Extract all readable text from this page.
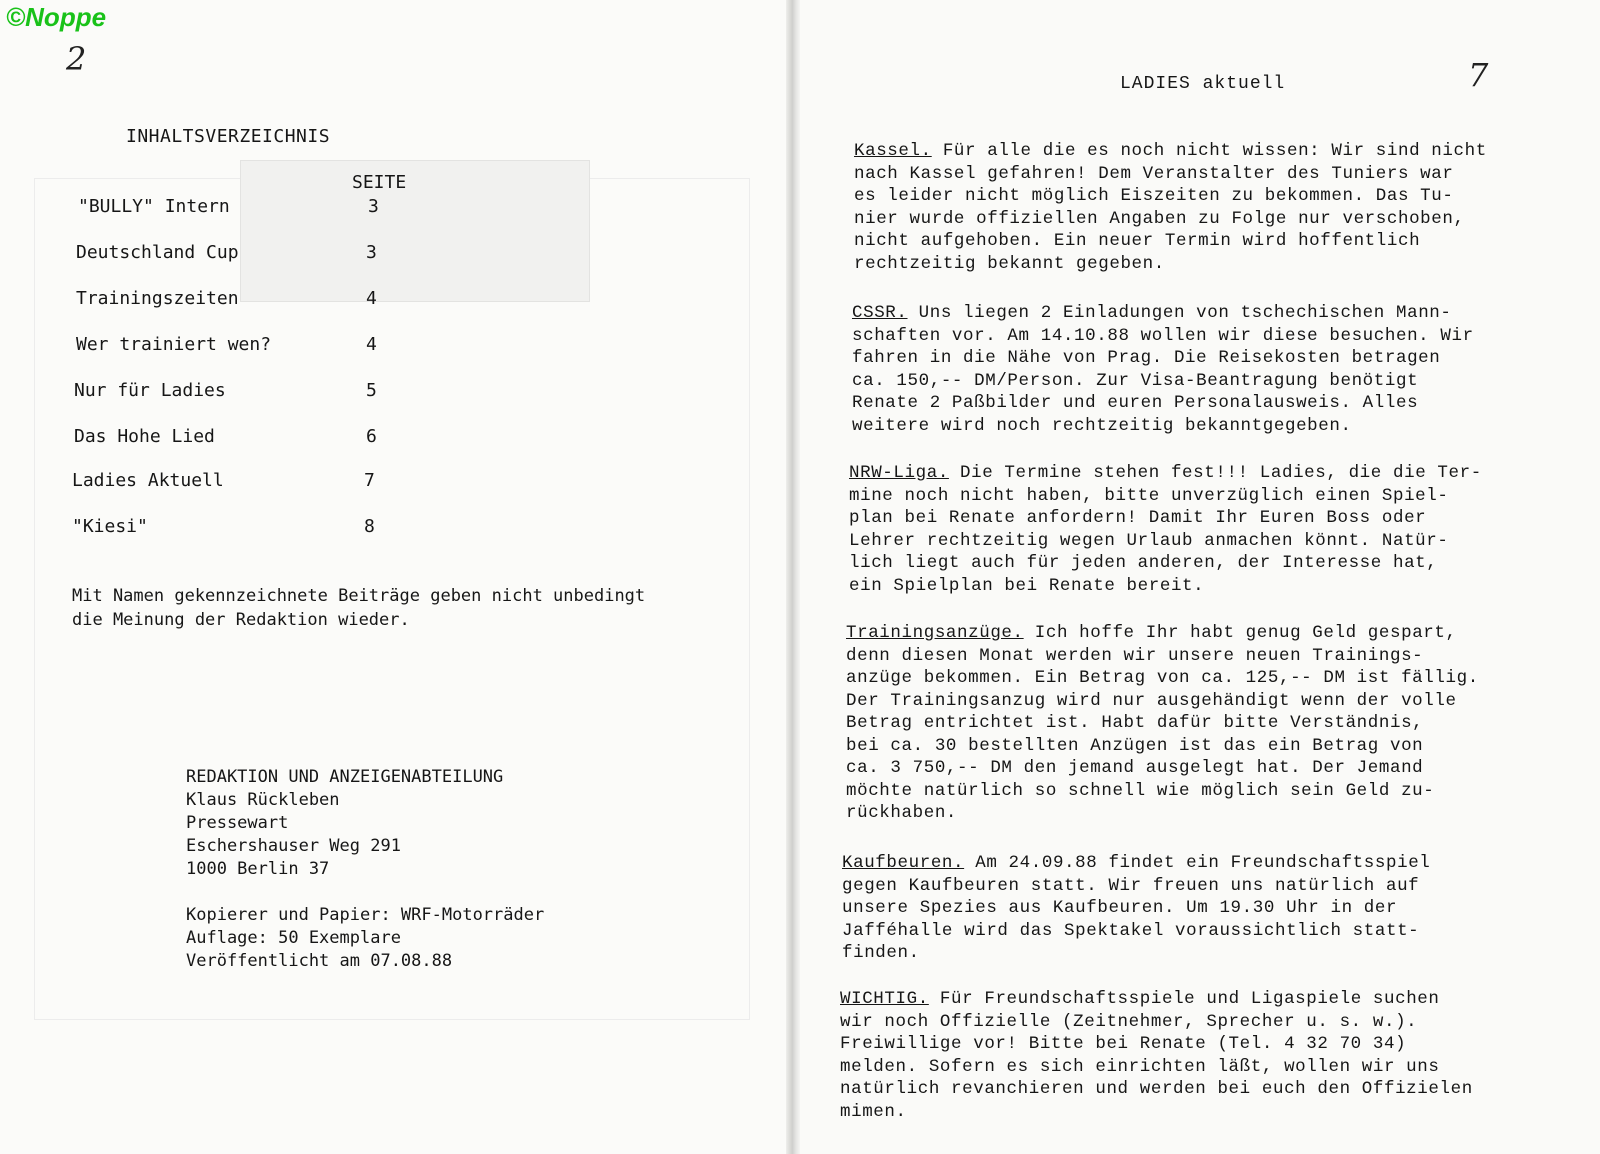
©Noppe
2	7
INHALTSVERZEICHNIS
SEITE
"BULLY" Intern	3
Deutschland Cup	3
Trainingszeiten	4
Wer trainiert wen?	4
Nur für Ladies	5
Das Hohe Lied	6
Ladies Aktuell	7
"Kiesi"	8
Mit Namen gekennzeichnete Beiträge geben nicht unbedingt
die Meinung der Redaktion wieder.
REDAKTION UND ANZEIGENABTEILUNG
Klaus Rückleben
Pressewart
Eschershauser Weg 291
1000 Berlin 37
Kopierer und Papier: WRF-Motorräder
Auflage: 50 Exemplare
Veröffentlicht am 07.08.88
LADIES aktuell
Kassel. Für alle die es noch nicht wissen: Wir sind nicht
nach Kassel gefahren! Dem Veranstalter des Tuniers war
es leider nicht möglich Eiszeiten zu bekommen. Das Tu-
nier wurde offiziellen Angaben zu Folge nur verschoben,
nicht aufgehoben. Ein neuer Termin wird hoffentlich
rechtzeitig bekannt gegeben.
CSSR. Uns liegen 2 Einladungen von tschechischen Mann-
schaften vor. Am 14.10.88 wollen wir diese besuchen. Wir
fahren in die Nähe von Prag. Die Reisekosten betragen
ca. 150,-- DM/Person. Zur Visa-Beantragung benötigt
Renate 2 Paßbilder und euren Personalausweis. Alles
weitere wird noch rechtzeitig bekanntgegeben.
NRW-Liga. Die Termine stehen fest!!! Ladies, die die Ter-
mine noch nicht haben, bitte unverzüglich einen Spiel-
plan bei Renate anfordern! Damit Ihr Euren Boss oder
Lehrer rechtzeitig wegen Urlaub anmachen könnt. Natür-
lich liegt auch für jeden anderen, der Interesse hat,
ein Spielplan bei Renate bereit.
Trainingsanzüge. Ich hoffe Ihr habt genug Geld gespart,
denn diesen Monat werden wir unsere neuen Trainings-
anzüge bekommen. Ein Betrag von ca. 125,-- DM ist fällig.
Der Trainingsanzug wird nur ausgehändigt wenn der volle
Betrag entrichtet ist. Habt dafür bitte Verständnis,
bei ca. 30 bestellten Anzügen ist das ein Betrag von
ca. 3 750,-- DM den jemand ausgelegt hat. Der Jemand
möchte natürlich so schnell wie möglich sein Geld zu-
rückhaben.
Kaufbeuren. Am 24.09.88 findet ein Freundschaftsspiel
gegen Kaufbeuren statt. Wir freuen uns natürlich auf
unsere Spezies aus Kaufbeuren. Um 19.30 Uhr in der
Jafféhalle wird das Spektakel voraussichtlich statt-
finden.
WICHTIG. Für Freundschaftsspiele und Ligaspiele suchen
wir noch Offizielle (Zeitnehmer, Sprecher u. s. w.).
Freiwillige vor! Bitte bei Renate (Tel. 4 32 70 34)
melden. Sofern es sich einrichten läßt, wollen wir uns
natürlich revanchieren und werden bei euch den Offizielen
mimen.
